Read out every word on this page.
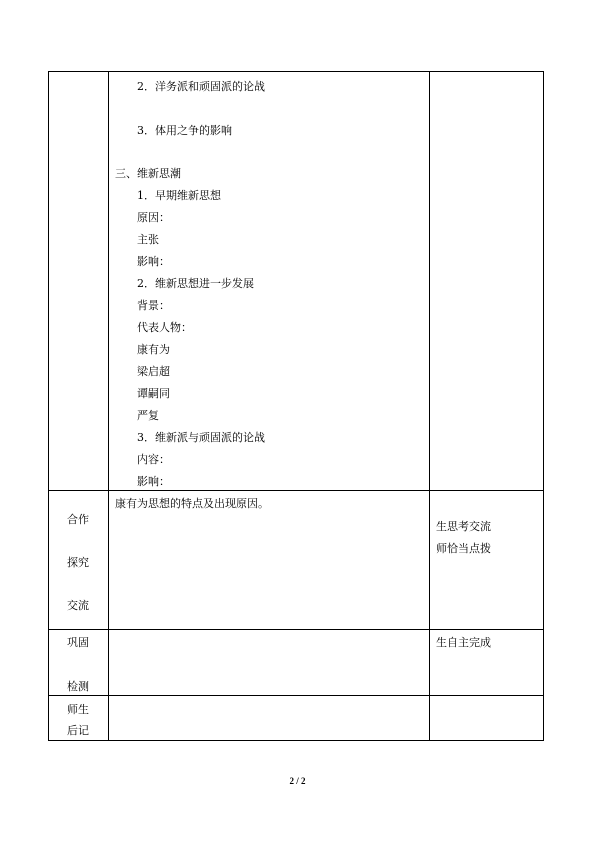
2．洋务派和顽固派的论战
3．体用之争的影响
三、维新思潮
1．早期维新思想
原因：
主张
影响：
2．维新思想进一步发展
背景：
代表人物：
康有为
梁启超
谭嗣同
严复
3．维新派与顽固派的论战
内容：
影响：
合作
探究
交流
康有为思想的特点及出现原因。
生思考交流
师恰当点拨
巩固
检测
生自主完成
师生
后记
2 / 2
